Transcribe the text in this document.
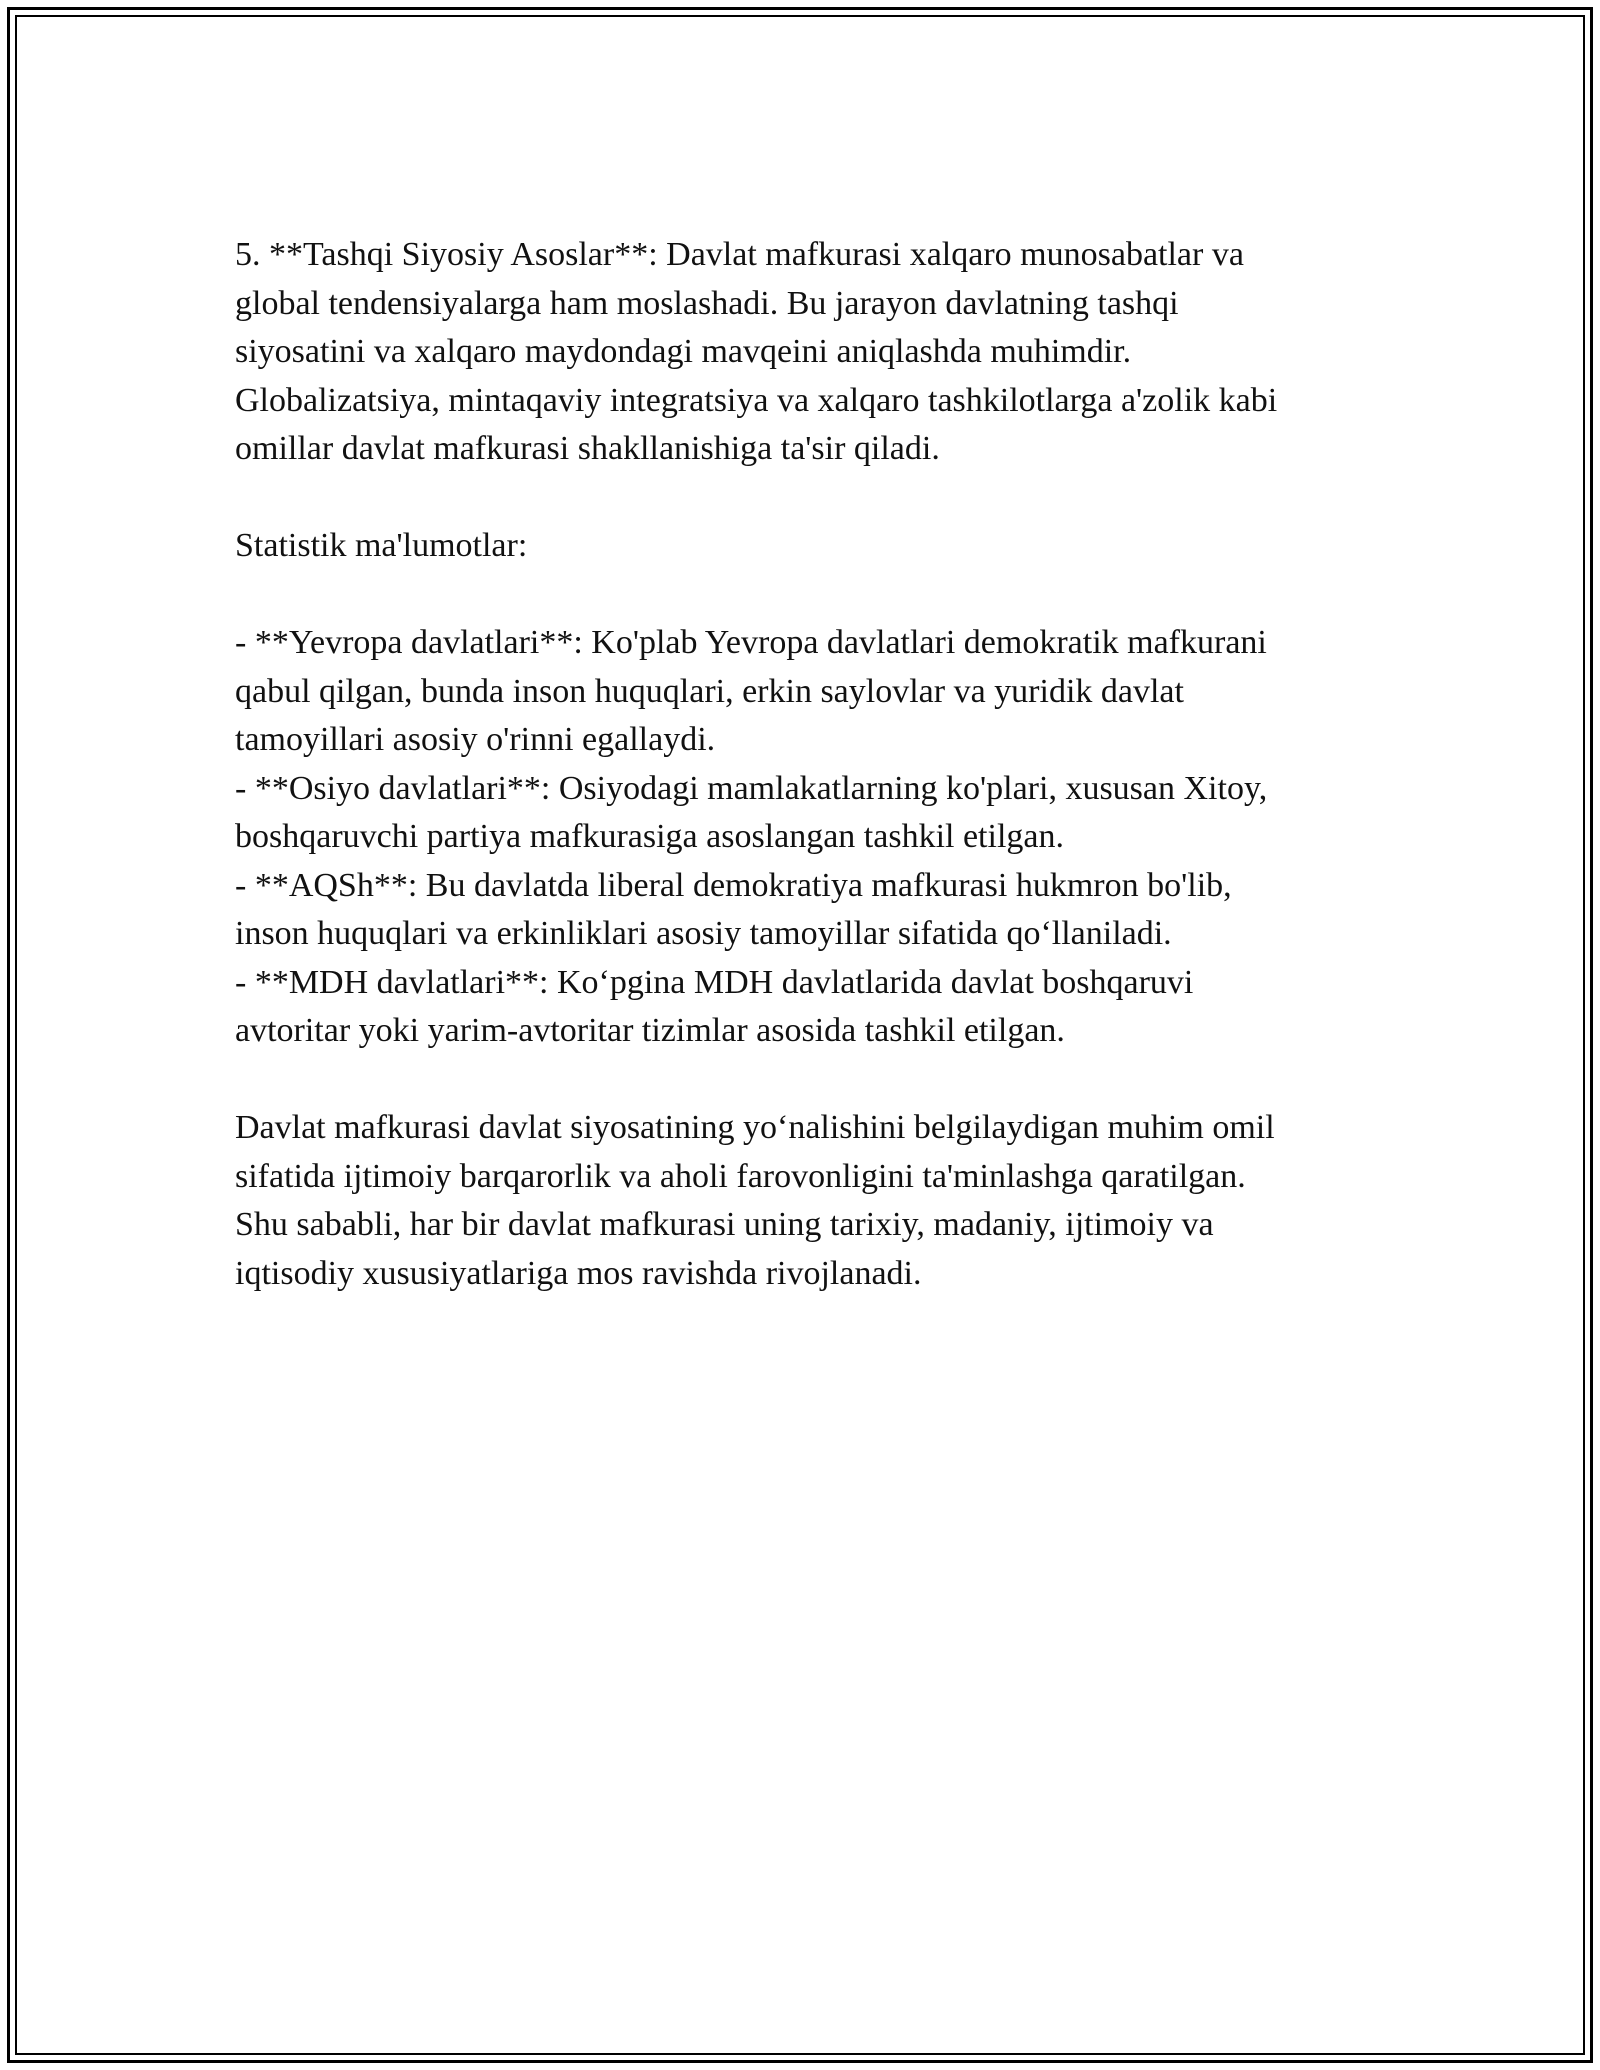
5. **Tashqi Siyosiy Asoslar**: Davlat mafkurasi xalqaro munosabatlar va
global tendensiyalarga ham moslashadi. Bu jarayon davlatning tashqi
siyosatini va xalqaro maydondagi mavqeini aniqlashda muhimdir.
Globalizatsiya, mintaqaviy integratsiya va xalqaro tashkilotlarga a'zolik kabi
omillar davlat mafkurasi shakllanishiga ta'sir qiladi.

Statistik ma'lumotlar:

- **Yevropa davlatlari**: Ko'plab Yevropa davlatlari demokratik mafkurani
qabul qilgan, bunda inson huquqlari, erkin saylovlar va yuridik davlat
tamoyillari asosiy o'rinni egallaydi.
- **Osiyo davlatlari**: Osiyodagi mamlakatlarning ko'plari, xususan Xitoy,
boshqaruvchi partiya mafkurasiga asoslangan tashkil etilgan.
- **AQSh**: Bu davlatda liberal demokratiya mafkurasi hukmron bo'lib,
inson huquqlari va erkinliklari asosiy tamoyillar sifatida qo‘llaniladi.
- **MDH davlatlari**: Ko‘pgina MDH davlatlarida davlat boshqaruvi
avtoritar yoki yarim-avtoritar tizimlar asosida tashkil etilgan.

Davlat mafkurasi davlat siyosatining yo‘nalishini belgilaydigan muhim omil
sifatida ijtimoiy barqarorlik va aholi farovonligini ta'minlashga qaratilgan.
Shu sababli, har bir davlat mafkurasi uning tarixiy, madaniy, ijtimoiy va
iqtisodiy xususiyatlariga mos ravishda rivojlanadi.
